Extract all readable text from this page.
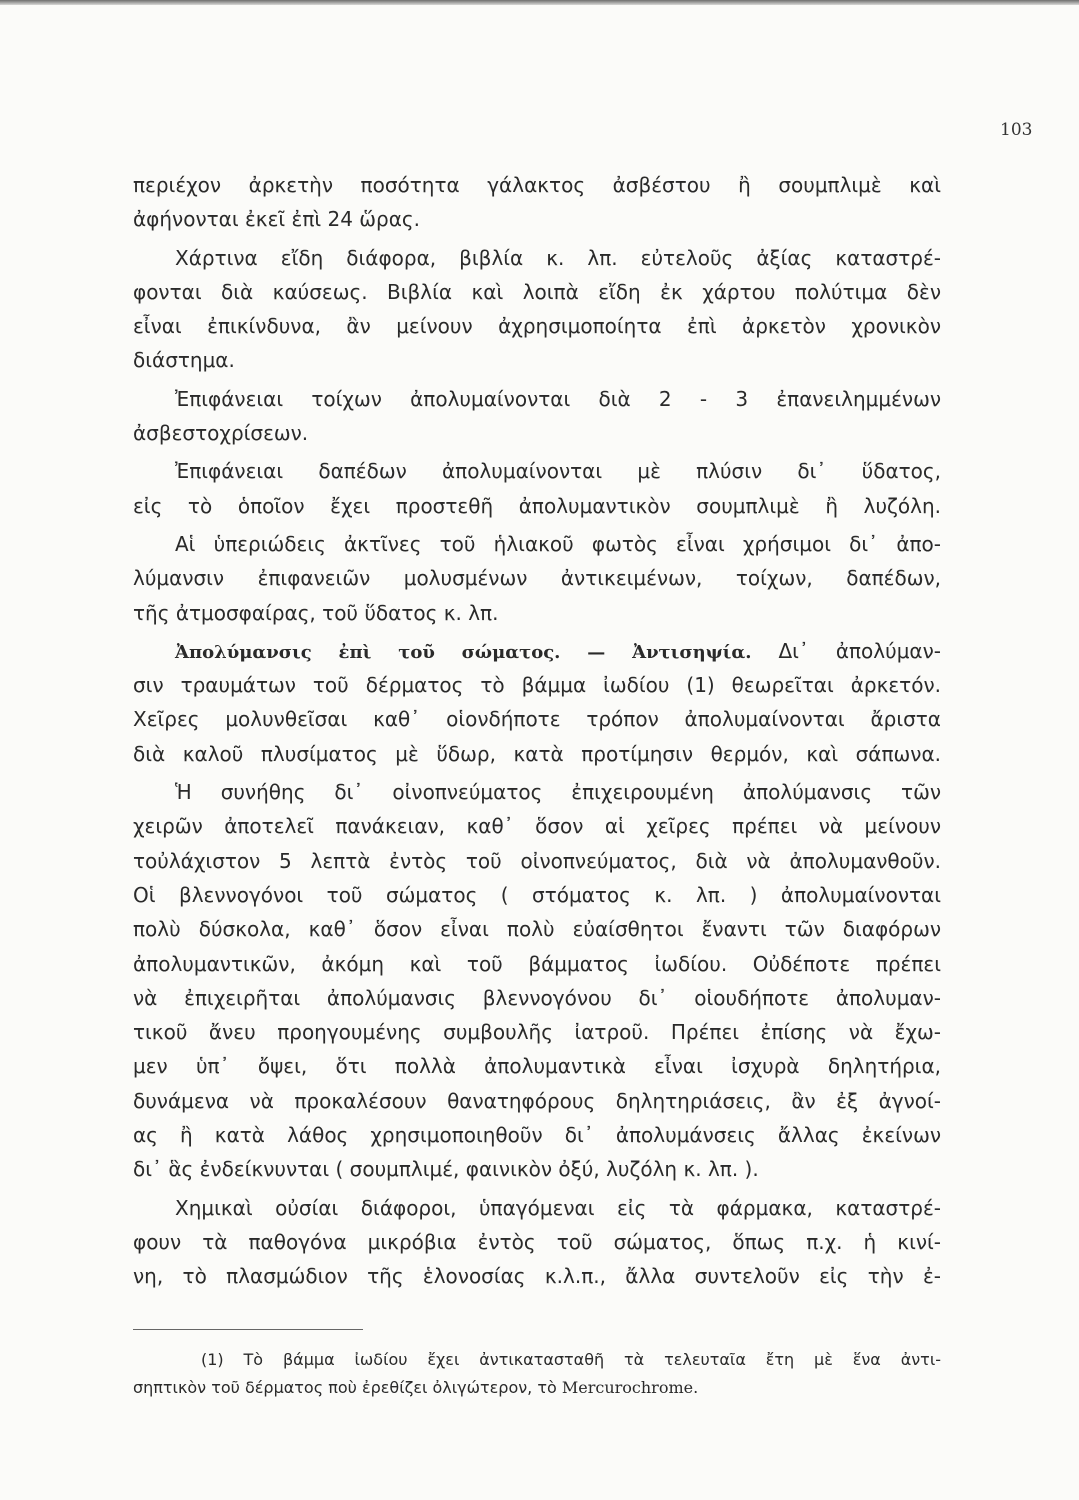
103
περιέχον ἀρκετὴν ποσότητα γάλακτος ἀσβέστου ἢ σουμπλιμὲ καὶ
ἀφήνονται ἐκεῖ ἐπὶ 24 ὥρας.
Χάρτινα εἴδη διάφορα, βιβλία κ. λπ. εὐτελοῦς ἀξίας καταστρέ-
φονται διὰ καύσεως. Βιβλία καὶ λοιπὰ εἴδη ἐκ χάρτου πολύτιμα δὲν
εἶναι ἐπικίνδυνα, ἂν μείνουν ἀχρησιμοποίητα ἐπὶ ἀρκετὸν χρονικὸν
διάστημα.
Ἐπιφάνειαι τοίχων ἀπολυμαίνονται διὰ 2 - 3 ἐπανειλημμένων
ἀσβεστοχρίσεων.
Ἐπιφάνειαι δαπέδων ἀπολυμαίνονται μὲ πλύσιν δι᾿ ὕδατος,
εἰς τὸ ὁποῖον ἔχει προστεθῆ ἀπολυμαντικὸν σουμπλιμὲ ἢ λυζόλη.
Αἱ ὑπεριώδεις ἀκτῖνες τοῦ ἡλιακοῦ φωτὸς εἶναι χρήσιμοι δι᾿ ἀπο-
λύμανσιν ἐπιφανειῶν μολυσμένων ἀντικειμένων, τοίχων, δαπέδων,
τῆς ἀτμοσφαίρας, τοῦ ὕδατος κ. λπ.
Ἀπολύμανσις ἐπὶ τοῦ σώματος. — Ἀντισηψία. Δι᾿ ἀπολύμαν-
σιν τραυμάτων τοῦ δέρματος τὸ βάμμα ἰωδίου (1) θεωρεῖται ἀρκετόν.
Χεῖρες μολυνθεῖσαι καθ᾿ οἱονδήποτε τρόπον ἀπολυμαίνονται ἄριστα
διὰ καλοῦ πλυσίματος μὲ ὕδωρ, κατὰ προτίμησιν θερμόν, καὶ σάπωνα.
Ἡ συνήθης δι᾿ οἰνοπνεύματος ἐπιχειρουμένη ἀπολύμανσις τῶν
χειρῶν ἀποτελεῖ πανάκειαν, καθ᾿ ὅσον αἱ χεῖρες πρέπει νὰ μείνουν
τοὐλάχιστον 5 λεπτὰ ἐντὸς τοῦ οἰνοπνεύματος, διὰ νὰ ἀπολυμανθοῦν.
Οἱ βλεννογόνοι τοῦ σώματος ( στόματος κ. λπ. ) ἀπολυμαίνονται
πολὺ δύσκολα, καθ᾿ ὅσον εἶναι πολὺ εὐαίσθητοι ἔναντι τῶν διαφόρων
ἀπολυμαντικῶν, ἀκόμη καὶ τοῦ βάμματος ἰωδίου. Οὐδέποτε πρέπει
νὰ ἐπιχειρῆται ἀπολύμανσις βλεννογόνου δι᾿ οἱουδήποτε ἀπολυμαν-
τικοῦ ἄνευ προηγουμένης συμβουλῆς ἰατροῦ. Πρέπει ἐπίσης νὰ ἔχω-
μεν ὑπ᾿ ὄψει, ὅτι πολλὰ ἀπολυμαντικὰ εἶναι ἰσχυρὰ δηλητήρια,
δυνάμενα νὰ προκαλέσουν θανατηφόρους δηλητηριάσεις, ἂν ἐξ ἀγνοί-
ας ἢ κατὰ λάθος χρησιμοποιηθοῦν δι᾿ ἀπολυμάνσεις ἄλλας ἐκείνων
δι᾿ ἃς ἐνδείκνυνται ( σουμπλιμέ, φαινικὸν ὀξύ, λυζόλη κ. λπ. ).
Χημικαὶ οὐσίαι διάφοροι, ὑπαγόμεναι εἰς τὰ φάρμακα, καταστρέ-
φουν τὰ παθογόνα μικρόβια ἐντὸς τοῦ σώματος, ὅπως π.χ. ἡ κινί-
νη, τὸ πλασμώδιον τῆς ἑλονοσίας κ.λ.π., ἄλλα συντελοῦν εἰς τὴν ἐ-
(1) Τὸ βάμμα ἰωδίου ἔχει ἀντικατασταθῆ τὰ τελευταῖα ἔτη μὲ ἕνα ἀντι-
σηπτικὸν τοῦ δέρματος ποὺ ἐρεθίζει ὀλιγώτερον, τὸ Mercurochrome.
